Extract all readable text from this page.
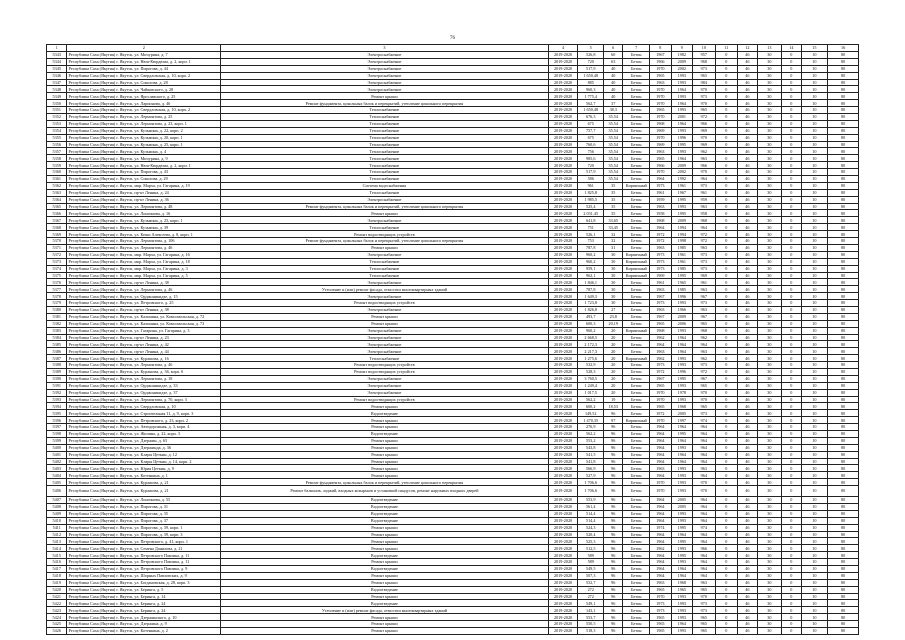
76
1	2	3	4	5	6	7	8	9	10	11	12	13	14	15	16
5343	Республика Саха (Якутия) г. Якутск, ул. Мичурина, д. 7	Электроснабжение	2019-2020	526,8	60	Бетон	1967	1982	957	0	46	30	0	10	80
5344	Республика Саха (Якутия) г. Якутск, ул. Нюи-Кюрдюма, д. 2, корп. 1	Электроснабжение	2019-2020	720	63	Бетон	1966	2009	968	0	46	30	0	10	80
5345	Республика Саха (Якутия) г. Якутск, ул. Пирогова, д. 44	Электроснабжение	2019-2020	517,9	40	Бетон	1970	2002	973	0	46	30	0	10	80
5346	Республика Саха (Якутия) г. Якутск, ул. Свердловская, д. 10, корп. 2	Электроснабжение	2019-2020	1 650,48	40	Бетон	1965	1993	965	0	46	30	0	10	80
5347	Республика Саха (Якутия) г. Якутск, ул. Соколова, д. 28	Электроснабжение	2019-2020	885	40	Бетон	1963	1993	984	0	46	30	0	10	80
5348	Республика Саха (Якутия) г. Якутск, ул. Чайковского, д. 28	Электроснабжение	2019-2020	960,3	40	Бетон	1970	1964	970	0	46	30	0	10	80
5349	Республика Саха (Якутия) г. Якутск, ул. Ярославского, д. 25	Ремонт крыши	2019-2020	1 775,4	40	Бетон	1970	1993	973	0	46	30	0	10	80
5350	Республика Саха (Якутия) г. Якутск, ул. Ларионова, д. 46	Ремонт фундамента, цокольных балок и перекрытий, утепление цокольного перекрытия	2019-2020	562,7	37	Бетон	1970	1964	970	0	46	30	0	10	80
5351	Республика Саха (Якутия) г. Якутск, ул. Свердловская, д. 10, корп. 2	Теплоснабжение	2019-2020	1 650,48	38,3	Бетон	1965	1993	965	0	46	30	0	10	80
5352	Республика Саха (Якутия) г. Якутск, ул. Лермонтова, д. 25	Теплоснабжение	2019-2020	676,3	35,54	Бетон	1970	2001	972	0	46	30	0	10	80
5353	Республика Саха (Якутия) г. Якутск, ул. Лермонтова, д. 23, корп. 1	Теплоснабжение	2019-2020	675	35,54	Бетон	1968	1964	966	0	46	30	0	10	80
5354	Республика Саха (Якутия) г. Якутск, ул. Кузьмина, д. 22, корп. 2	Теплоснабжение	2019-2020	757,7	35,54	Бетон	1969	1993	969	0	46	30	0	10	80
5355	Республика Саха (Якутия) г. Якутск, ул. Кузьмина, д. 20, корп. 1	Теплоснабжение	2019-2020	675	35,54	Бетон	1970	1996	970	0	46	30	0	10	80
5356	Республика Саха (Якутия) г. Якутск, ул. Кузьмина, д. 25, корп. 1	Теплоснабжение	2019-2020	760,6	35,54	Бетон	1969	1995	969	0	46	30	0	10	80
5357	Республика Саха (Якутия) г. Якутск, ул. Кузьмина, д. 4	Теплоснабжение	2019-2020	756	35,54	Бетон	1963	1993	962	0	46	30	0	10	80
5358	Республика Саха (Якутия) г. Якутск, ул. Мичурина, д. 9	Теплоснабжение	2019-2020	985,6	35,54	Бетон	1965	1964	963	0	46	30	0	10	80
5359	Республика Саха (Якутия) г. Якутск, ул. Нюи-Кюрдюма, д. 2, корп. 1	Теплоснабжение	2019-2020	720	35,54	Бетон	1966	2009	966	0	46	30	0	10	80
5360	Республика Саха (Якутия) г. Якутск, ул. Пирогова, д. 43	Теплоснабжение	2019-2020	517,9	35,54	Бетон	1970	2002	970	0	46	30	0	10	80
5361	Республика Саха (Якутия) г. Якутск, ул. Соколова, д. 29	Теплоснабжение	2019-2020	586	35,54	Бетон	1964	1992	964	0	46	30	0	10	80
5362	Республика Саха (Якутия) г. Якутск, мкр. Марха, ул. Гагарина, д. 19	Система водоснабжения	2019-2020	961	35	Кирпичный	1973	1961	973	0	46	30	0	10	80
5363	Республика Саха (Якутия) г. Якутск, пр-кт Ленина, д. 24	Теплоснабжение	2019-2020	1 825,8	35	Бетон	1961	1967	961	0	46	30	0	10	80
5364	Республика Саха (Якутия) г. Якутск, пр-кт Ленина, д. 36	Электроснабжение	2019-2020	1 985,5	35	Бетон	1959	1995	959	0	46	30	0	10	80
5365	Республика Саха (Якутия) г. Якутск, ул. Лермонтова, д. 48	Ремонт фундамента, цокольных балок и перекрытий, утепление цокольного перекрытия	2019-2020	525,4	35	Бетон	1963	1993	963	0	46	30	0	10	80
5366	Республика Саха (Якутия) г. Якутск, ул. Лонгинова, д. 16	Ремонт крыши	2019-2020	2 031,45	35	Бетон	1958	1995	958	0	46	30	0	10	80
5367	Республика Саха (Якутия) г. Якутск, ул. Кузьмина, д. 25, корп. 1	Электроснабжение	2019-2020	641,8	33,65	Бетон	1968	2009	968	0	46	30	0	10	80
5368	Республика Саха (Якутия) г. Якутск, ул. Кузьмина, д. 39	Теплоснабжение	2019-2020	751	33,45	Бетон	1964	1994	964	0	46	30	0	10	80
5369	Республика Саха (Якутия) г. Якутск, ул. Кеши Алексеева, д. 8, корп. 1	Ремонт водоотводящих устройств	2019-2020	526,1	32	Бетон	1972	1994	972	0	46	30	0	10	80
5370	Республика Саха (Якутия) г. Якутск, ул. Лермонтова, д. 106	Ремонт фундамента, цокольных балок и перекрытий, утепление цокольного перекрытия	2019-2020	753	32	Бетон	1972	1998	972	0	46	30	0	10	80
5371	Республика Саха (Якутия) г. Якутск, ул. Лермонтова, д. 46	Ремонт крыши	2019-2020	787,8	31	Бетон	1963	1985	963	0	46	30	0	10	80
5372	Республика Саха (Якутия) г. Якутск, мкр. Марха, ул. Гагарина, д. 16	Электроснабжение	2019-2020	960,2	30	Кирпичный	1973	1961	973	0	46	30	0	10	80
5373	Республика Саха (Якутия) г. Якутск, мкр. Марха, ул. Гагарина, д. 18	Теплоснабжение	2019-2020	960,2	30	Кирпичный	1973	1961	973	0	46	30	0	10	80
5374	Республика Саха (Якутия) г. Якутск, мкр. Марха, ул. Гагарина, д. 3	Теплоснабжение	2019-2020	959,1	30	Кирпичный	1973	1985	973	0	46	30	0	10	80
5375	Республика Саха (Якутия) г. Якутск, мкр. Марха, ул. Гагарина, д. 5	Теплоснабжение	2019-2020	962,1	30	Кирпичный	1969	1995	969	0	46	30	0	10	80
5376	Республика Саха (Якутия) г. Якутск, пр-кт Ленина, д. 38	Электроснабжение	2019-2020	1 846,1	30	Бетон	1961	1965	961	0	46	30	0	10	80
5377	Республика Саха (Якутия) г. Якутск, ул. Лермонтова, д. 46	Утепление и (или) ремонт фасада, отмостки многоквартирных зданий	2019-2020	787,8	30	Бетон	1963	1985	963	0	46	30	0	10	80
5378	Республика Саха (Якутия) г. Якутск, ул. Орджоникидзе, д. 15	Электроснабжение	2019-2020	1 649,3	30	Бетон	1967	1996	967	0	46	30	0	10	80
5379	Республика Саха (Якутия) г. Якутск, ул. Петровского, д. 25	Ремонт водоотводящих устройств	2019-2020	1 723,8	30	Бетон	1973	1993	973	0	46	30	0	10	80
5380	Республика Саха (Якутия) г. Якутск, пр-кт Ленина, д. 38	Электроснабжение	2019-2020	1 826,8	27	Бетон	1963	1966	963	0	46	30	0	10	80
5381	Республика Саха (Якутия) г. Якутск, ул. Калинина, ул. Комсомольская, д. 72	Ремонт крыши	2019-2020	493,7	23,8	Бетон	1967	2009	967	0	46	30	0	10	80
5382	Республика Саха (Якутия) г. Якутск, ул. Калинина, ул. Комсомольская, д. 73	Ремонт крыши	2019-2020	600,3	20,19	Бетон	1965	2006	965	0	46	30	0	10	80
5383	Республика Саха (Якутия) г. Якутск, ул. Гагарина, ул. Гагарина, д. 3	Электроснабжение	2019-2020	960,2	20	Кирпичный	1968	1993	968	0	46	30	0	10	80
5384	Республика Саха (Якутия) г. Якутск, пр-кт Ленина, д. 23	Электроснабжение	2019-2020	2 668,5	20	Бетон	1962	1964	962	0	46	30	0	10	80
5385	Республика Саха (Якутия) г. Якутск, пр-кт Ленина, д. 42	Электроснабжение	2019-2020	2 172,3	20	Бетон	1964	1964	964	0	46	30	0	10	80
5386	Республика Саха (Якутия) г. Якутск, пр-кт Ленина, д. 44	Электроснабжение	2019-2020	2 217,3	20	Бетон	1963	1964	963	0	46	30	0	10	80
5387	Республика Саха (Якутия) г. Якутск, ул. Курашова, д. 16	Теплоснабжение	2019-2020	1 275,6	20	Кирпичный	1962	1993	962	0	46	30	0	10	80
5388	Республика Саха (Якутия) г. Якутск, ул. Лермонтова, д. 46	Ремонт водоотводящих устройств	2019-2020	532,9	20	Бетон	1973	1993	973	0	46	30	0	10	80
5389	Республика Саха (Якутия) г. Якутск, ул. Курашова, д. 36, корп. 6	Ремонт водоотводящих устройств	2019-2020	528,3	20	Бетон	1972	1996	972	0	46	30	0	10	80
5390	Республика Саха (Якутия) г. Якутск, ул. Лермонтова, д. 18	Электроснабжение	2019-2020	3 760,5	20	Бетон	1967	1995	967	0	46	30	0	10	80
5391	Республика Саха (Якутия) г. Якутск, ул. Орджоникидзе, д. 33	Электроснабжение	2019-2020	1 249,4	20	Бетон	1965	1993	965	0	46	30	0	10	80
5392	Республика Саха (Якутия) г. Якутск, ул. Орджоникидзе, д. 37	Электроснабжение	2019-2020	1 017,5	20	Бетон	1970	1978	970	0	46	30	0	10	80
5393	Республика Саха (Якутия) г. Якутск, ул. Лермонтова, д. 70, корп. 3	Ремонт водоотводящих устройств	2019-2020	562,2	19	Бетон	1970	1993	970	0	46	30	0	10	80
5394	Республика Саха (Якутия) г. Якутск, ул. Свердловская, д. 10	Ремонт крыши	2019-2020	600,2	18,53	Бетон	1965	1968	965	0	46	30	0	10	80
5395	Республика Саха (Якутия) г. Якутск, ул. Строительная 11, д. 9, корп. 3	Водоотведение	2019-2020	149,52	96	Бетон	1972	2005	973	0	46	30	0	10	80
5396	Республика Саха (Якутия) г. Якутск, ул. Петровского, д. 23, корп. 2	Ремонт крыши	2019-2020	1 470,35	97	Кирпичный	1970	1997	974	0	46	30	0	10	80
5397	Республика Саха (Якутия) г. Якутск, ул. Автодорожная, д. 3, корп. 4	Ремонт крыши	2019-2020	276,9	96	Бетон	1964	1964	964	0	46	30	0	10	80
5398	Республика Саха (Якутия) г. Якутск, ул. Жилина, д. 22, корп. 3	Водоотведение	2019-2020	562,2	96	Бетон	1964	1995	964	0	46	30	0	10	80
5399	Республика Саха (Якутия) г. Якутск, ул. Дзержин, д. 63	Ремонт крыши	2019-2020	553,2	96	Бетон	1964	1964	964	0	46	30	0	10	80
5400	Республика Саха (Якутия) г. Якутск, ул. Дзержинда, д. 36	Ремонт крыши	2019-2020	543,8	96	Бетон	1964	1993	964	0	46	30	0	10	80
5401	Республика Саха (Якутия) г. Якутск, ул. Клары Цеткин, д. 12	Ремонт крыши	2019-2020	541,5	96	Бетон	1964	1964	964	0	46	30	0	10	80
5402	Республика Саха (Якутия) г. Якутск, ул. Клары Цеткин, д. 14, корп. 2	Ремонт крыши	2019-2020	541,8	96	Бетон	1964	1964	964	0	46	30	0	10	80
5403	Республика Саха (Якутия) г. Якутск, ул. Юрия Цеткин, д. 9	Ремонт крыши	2019-2020	566,9	96	Бетон	1963	1993	963	0	46	30	0	10	80
5404	Республика Саха (Якутия) г. Якутск, ул. Котенкина, д. 1	Ремонт крыши	2019-2020	527,9	96	Бетон	1964	1993	964	0	46	30	0	10	80
5405	Республика Саха (Якутия) г. Якутск, ул. Курашова, д. 21	Ремонт фундамента, цокольных балок и перекрытий, утепление цокольного перекрытия	2019-2020	1 706,6	96	Бетон	1970	1993	970	0	46	30	0	10	80
5406	Республика Саха (Якутия) г. Якутск, ул. Курашова, д. 21	Ремонт балконов, лоджий, входных козырьков и установкой пандусов, ремонт наружных входных дверей	2019-2020	1 706,6	96	Бетон	1970	1993	970	0	46	30	0	10	80
5407	Республика Саха (Якутия) г. Якутск, ул. Лонгинова, д. 55	Водоотведение	2019-2020	553,9	96	Бетон	1964	2005	964	0	46	30	0	10	80
5408	Республика Саха (Якутия) г. Якутск, ул. Пирогова, д. 31	Водоотведение	2019-2020	561,4	96	Бетон	1964	2005	964	0	46	30	0	10	80
5409	Республика Саха (Якутия) г. Якутск, ул. Пирогова, д. 35	Водоотведение	2019-2020	514,4	96	Бетон	1964	1993	964	0	46	30	0	10	80
5410	Республика Саха (Якутия) г. Якутск, ул. Пирогова, д. 37	Водоотведение	2019-2020	514,4	96	Бетон	1964	1993	964	0	46	30	0	10	80
5411	Республика Саха (Якутия) г. Якутск, ул. Пирогова, д. 39, корп. 1	Ремонт крыши	2019-2020	524,3	96	Бетон	1974	1995	974	0	46	30	0	10	80
5412	Республика Саха (Якутия) г. Якутск, ул. Пирогова, д. 39, корп. 3	Ремонт крыши	2019-2020	520,4	96	Бетон	1964	1964	964	0	46	30	0	10	80
5413	Республика Саха (Якутия) г. Якутск, ул. Петровского, д. 41, корп. 1	Ремонт крыши	2019-2020	525,3	96	Бетон	1964	1995	964	0	46	30	0	10	80
5414	Республика Саха (Якутия) г. Якутск, ул. Семена Данилова, д. 21	Ремонт крыши	2019-2020	512,5	96	Бетон	1962	1993	966	0	46	30	0	10	80
5415	Республика Саха (Якутия) г. Якутск, ул. Петровского Павлика, д. 11	Водоотведение	2019-2020	589	96	Бетон	1964	1995	964	0	46	30	0	10	80
5416	Республика Саха (Якутия) г. Якутск, ул. Петровского Павлика, д. 11	Ремонт крыши	2019-2020	589	96	Бетон	1964	1993	964	0	46	30	0	10	80
5417	Республика Саха (Якутия) г. Якутск, ул. Петровского Павлика, д. 9	Водоотведение	2019-2020	549,5	96	Бетон	1964	1964	964	0	46	30	0	10	80
5418	Республика Саха (Якутия) г. Якутск, ул. Шорных Павловских, д. 9	Ремонт крыши	2019-2020	507,3	96	Бетон	1964	1964	964	0	46	30	0	10	80
5419	Республика Саха (Якутия) г. Якутск, ул. Богдановская, д. 28, корп. 3	Ремонт крыши	2019-2020	552,7	96	Бетон	1963	1968	963	0	46	30	0	10	80
5420	Республика Саха (Якутия) г. Якутск, ул. Беринга, д. 5	Водоотведение	2019-2020	272	96	Бетон	1965	1965	965	0	46	30	0	10	80
5421	Республика Саха (Якутия) г. Якутск, ул. Беринга, д. 14	Ремонт крыши	2019-2020	272	96	Бетон	1970	1993	970	0	46	30	0	10	80
5422	Республика Саха (Якутия) г. Якутск, ул. Беринга, д. 24	Водоотведение	2019-2020	549,1	96	Бетон	1973	1993	973	0	46	30	0	10	80
5423	Республика Саха (Якутия) г. Якутск, ул. Беринга, д. 24	Утепление и (или) ремонт фасада, отмостки многоквартирных зданий	2019-2020	143,1	96	Бетон	1973	1993	973	0	46	30	0	10	80
5424	Республика Саха (Якутия) г. Якутск, ул. Дзержинского, д. 10	Ремонт крыши	2019-2020	553,7	96	Бетон	1965	1993	965	0	46	30	0	10	80
5425	Республика Саха (Якутия) г. Якутск, ул. Дзержина, д. 9	Ремонт крыши	2019-2020	550,5	96	Бетон	1965	1964	965	0	46	30	0	10	80
5426	Республика Саха (Якутия) г. Якутск, ул. Котенкина, д. 2	Ремонт крыши	2019-2020	518,3	96	Бетон	1965	1993	965	0	46	30	0	10	80
